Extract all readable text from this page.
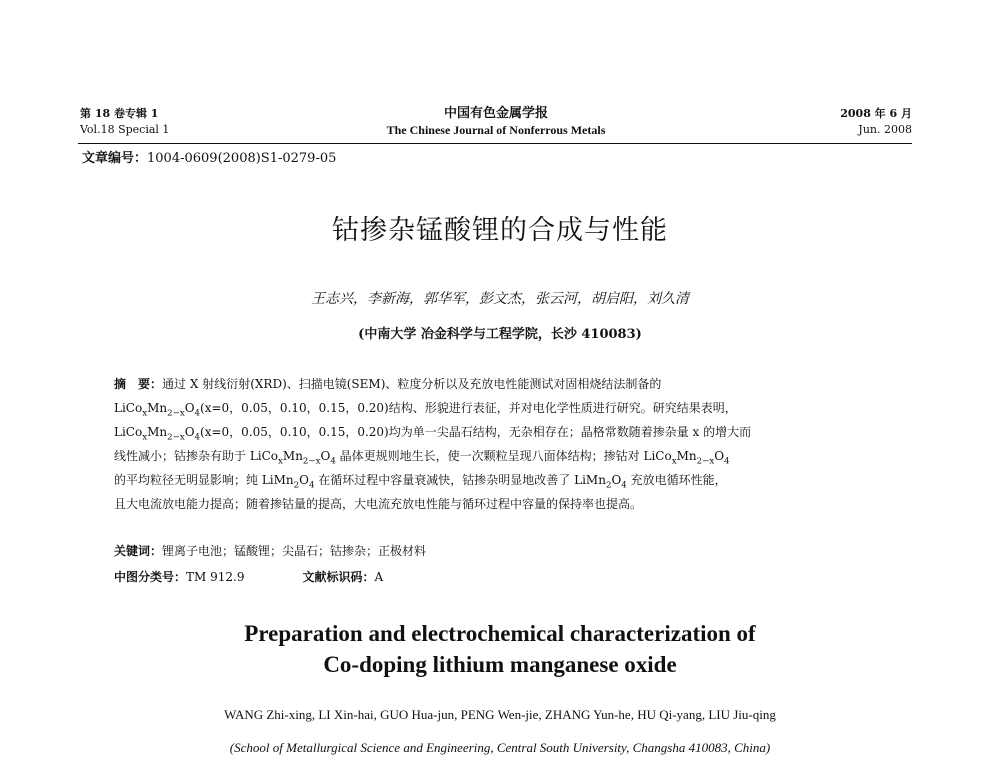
第 18 卷专辑 1
Vol.18 Special 1
中国有色金属学报
The Chinese Journal of Nonferrous Metals
2008 年 6 月
Jun. 2008
文章编号：1004-0609(2008)S1-0279-05
钴掺杂锰酸锂的合成与性能
王志兴，李新海，郭华军，彭文杰，张云河，胡启阳，刘久清
(中南大学 冶金科学与工程学院，长沙 410083)
摘　要：通过 X 射线衍射(XRD)、扫描电镜(SEM)、粒度分析以及充放电性能测试对固相烧结法制备的
$LiCo_xMn_{2-x}O_4(x=0$，0.05，0.10，0.15，0.20)结构、形貌进行表征，并对电化学性质进行研究。研究结果表明，
$LiCo_xMn_{2-x}O_4(x=0$，0.05，0.10，0.15，0.20)均为单一尖晶石结构，无杂相存在；晶格常数随着掺杂量 x 的增大而
线性减小；钴掺杂有助于 $LiCo_xMn_{2-x}O_4$ 晶体更规则地生长，使一次颗粒呈现八面体结构；掺钴对 $LiCo_xMn_{2-x}O_4$
的平均粒径无明显影响；纯 $LiMn_2O_4$ 在循环过程中容量衰减快，钴掺杂明显地改善了 $LiMn_2O_4$ 充放电循环性能，
且大电流放电能力提高；随着掺钴量的提高，大电流充放电性能与循环过程中容量的保持率也提高。
关键词：锂离子电池；锰酸锂；尖晶石；钴掺杂；正极材料
中图分类号：TM 912.9	文献标识码：A
Preparation and electrochemical characterization of
Co-doping lithium manganese oxide
WANG Zhi-xing, LI Xin-hai, GUO Hua-jun, PENG Wen-jie, ZHANG Yun-he, HU Qi-yang, LIU Jiu-qing
(School of Metallurgical Science and Engineering, Central South University, Changsha 410083, China)
